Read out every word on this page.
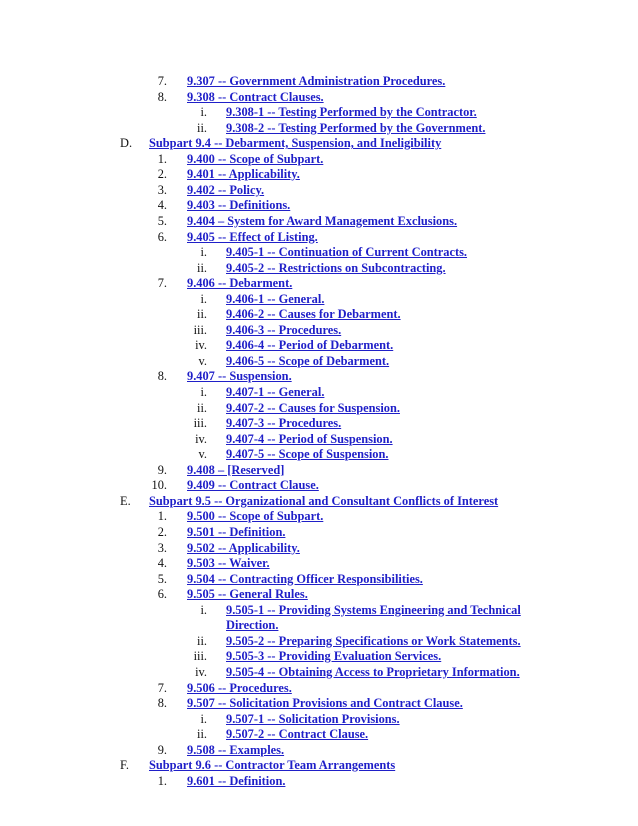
7. 9.307 -- Government Administration Procedures.
8. 9.308 -- Contract Clauses.
i. 9.308-1 -- Testing Performed by the Contractor.
ii. 9.308-2 -- Testing Performed by the Government.
D.	Subpart 9.4 -- Debarment, Suspension, and Ineligibility
1. 9.400 -- Scope of Subpart.
2. 9.401 -- Applicability.
3. 9.402 -- Policy.
4. 9.403 -- Definitions.
5. 9.404 – System for Award Management Exclusions.
6. 9.405 -- Effect of Listing.
i. 9.405-1 -- Continuation of Current Contracts.
ii. 9.405-2 -- Restrictions on Subcontracting.
7. 9.406 -- Debarment.
i. 9.406-1 -- General.
ii. 9.406-2 -- Causes for Debarment.
iii. 9.406-3 -- Procedures.
iv. 9.406-4 -- Period of Debarment.
v. 9.406-5 -- Scope of Debarment.
8. 9.407 -- Suspension.
i. 9.407-1 -- General.
ii. 9.407-2 -- Causes for Suspension.
iii. 9.407-3 -- Procedures.
iv. 9.407-4 -- Period of Suspension.
v. 9.407-5 -- Scope of Suspension.
9. 9.408 – [Reserved]
10. 9.409 -- Contract Clause.
E.	Subpart 9.5 -- Organizational and Consultant Conflicts of Interest
1. 9.500 -- Scope of Subpart.
2. 9.501 -- Definition.
3. 9.502 -- Applicability.
4. 9.503 -- Waiver.
5. 9.504 -- Contracting Officer Responsibilities.
6. 9.505 -- General Rules.
i. 9.505-1 -- Providing Systems Engineering and Technical
Direction.
ii. 9.505-2 -- Preparing Specifications or Work Statements.
iii. 9.505-3 -- Providing Evaluation Services.
iv. 9.505-4 -- Obtaining Access to Proprietary Information.
7. 9.506 -- Procedures.
8. 9.507 -- Solicitation Provisions and Contract Clause.
i. 9.507-1 -- Solicitation Provisions.
ii. 9.507-2 -- Contract Clause.
9. 9.508 -- Examples.
F.	Subpart 9.6 -- Contractor Team Arrangements
1. 9.601 -- Definition.
